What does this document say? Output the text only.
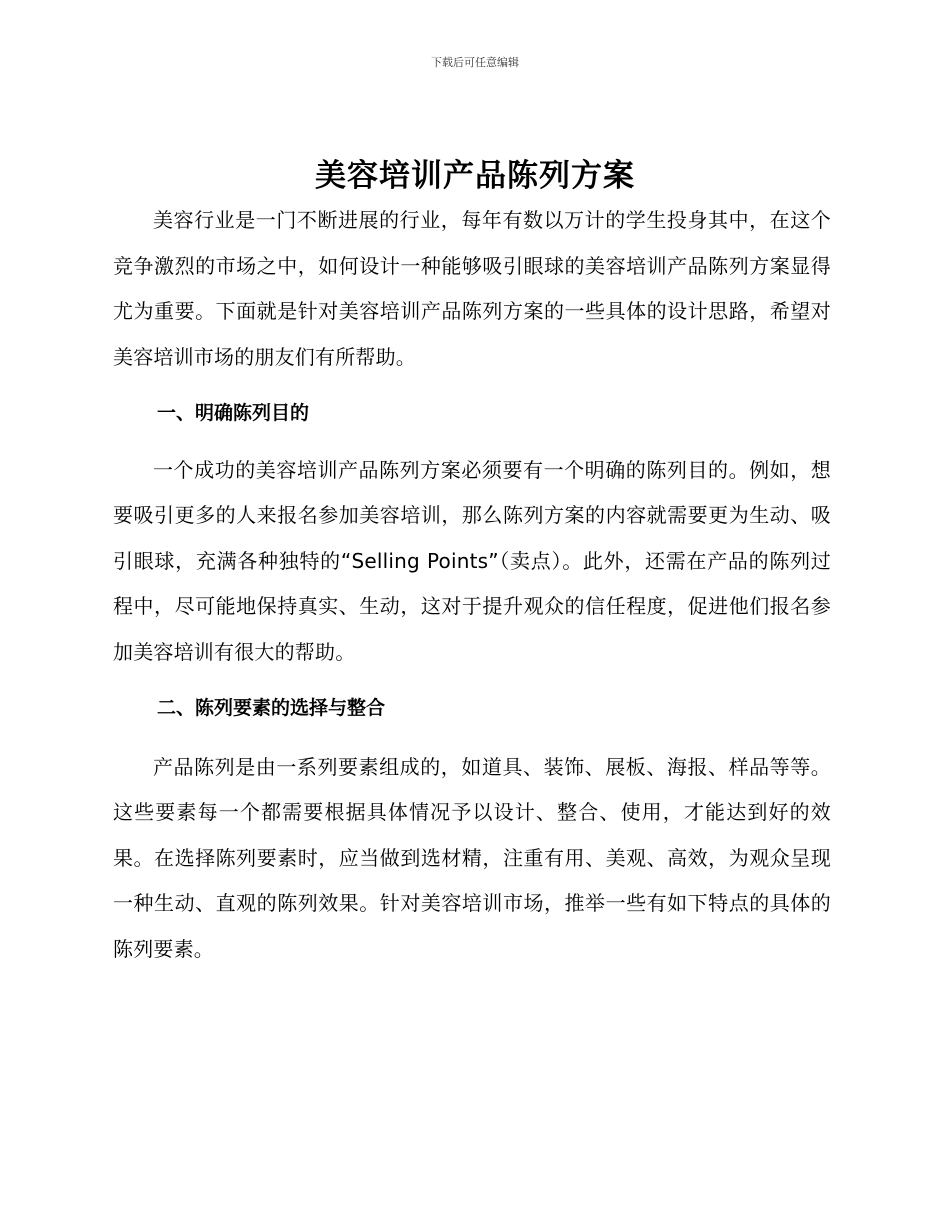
下载后可任意编辑
美容培训产品陈列方案

美容行业是一门不断进展的行业，每年有数以万计的学生投身其中，在这个竞争激烈的市场之中，如何设计一种能够吸引眼球的美容培训产品陈列方案显得尤为重要。下面就是针对美容培训产品陈列方案的一些具体的设计思路，希望对美容培训市场的朋友们有所帮助。

一、明确陈列目的

一个成功的美容培训产品陈列方案必须要有一个明确的陈列目的。例如，想要吸引更多的人来报名参加美容培训，那么陈列方案的内容就需要更为生动、吸引眼球，充满各种独特的“Selling Points”（卖点）。此外，还需在产品的陈列过程中，尽可能地保持真实、生动，这对于提升观众的信任程度，促进他们报名参加美容培训有很大的帮助。

二、陈列要素的选择与整合

产品陈列是由一系列要素组成的，如道具、装饰、展板、海报、样品等等。这些要素每一个都需要根据具体情况予以设计、整合、使用，才能达到好的效果。在选择陈列要素时，应当做到选材精，注重有用、美观、高效，为观众呈现一种生动、直观的陈列效果。针对美容培训市场，推举一些有如下特点的具体的陈列要素。
